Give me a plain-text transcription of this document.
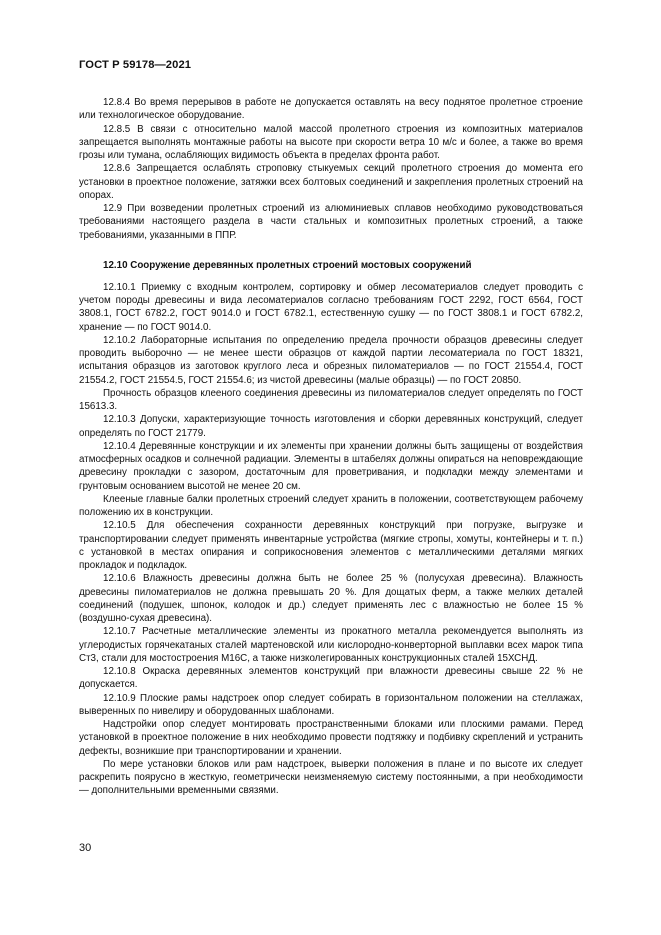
ГОСТ Р 59178—2021

12.8.4 Во время перерывов в работе не допускается оставлять на весу поднятое пролетное строение или технологическое оборудование.

12.8.5 В связи с относительно малой массой пролетного строения из композитных материалов запрещается выполнять монтажные работы на высоте при скорости ветра 10 м/с и более, а также во время грозы или тумана, ослабляющих видимость объекта в пределах фронта работ.

12.8.6 Запрещается ослаблять строповку стыкуемых секций пролетного строения до момента его установки в проектное положение, затяжки всех болтовых соединений и закрепления пролетных строений на опорах.

12.9 При возведении пролетных строений из алюминиевых сплавов необходимо руководствоваться требованиями настоящего раздела в части стальных и композитных пролетных строений, а также требованиями, указанными в ППР.

12.10 Сооружение деревянных пролетных строений мостовых сооружений

12.10.1 Приемку с входным контролем, сортировку и обмер лесоматериалов следует проводить с учетом породы древесины и вида лесоматериалов согласно требованиям ГОСТ 2292, ГОСТ 6564, ГОСТ 3808.1, ГОСТ 6782.2, ГОСТ 9014.0 и ГОСТ 6782.1, естественную сушку — по ГОСТ 3808.1 и ГОСТ 6782.2, хранение — по ГОСТ 9014.0.

12.10.2 Лабораторные испытания по определению предела прочности образцов древесины следует проводить выборочно — не менее шести образцов от каждой партии лесоматериала по ГОСТ 18321, испытания образцов из заготовок круглого леса и обрезных пиломатериалов — по ГОСТ 21554.4, ГОСТ 21554.2, ГОСТ 21554.5, ГОСТ 21554.6; из чистой древесины (малые образцы) — по ГОСТ 20850.

Прочность образцов клееного соединения древесины из пиломатериалов следует определять по ГОСТ 15613.3.

12.10.3 Допуски, характеризующие точность изготовления и сборки деревянных конструкций, следует определять по ГОСТ 21779.

12.10.4 Деревянные конструкции и их элементы при хранении должны быть защищены от воздействия атмосферных осадков и солнечной радиации. Элементы в штабелях должны опираться на неповреждающие древесину прокладки с зазором, достаточным для проветривания, и подкладки между элементами и грунтовым основанием высотой не менее 20 см.

Клееные главные балки пролетных строений следует хранить в положении, соответствующем рабочему положению их в конструкции.

12.10.5 Для обеспечения сохранности деревянных конструкций при погрузке, выгрузке и транспортировании следует применять инвентарные устройства (мягкие стропы, хомуты, контейнеры и т. п.) с установкой в местах опирания и соприкосновения элементов с металлическими деталями мягких прокладок и подкладок.

12.10.6 Влажность древесины должна быть не более 25 % (полусухая древесина). Влажность древесины пиломатериалов не должна превышать 20 %. Для дощатых ферм, а также мелких деталей соединений (подушек, шпонок, колодок и др.) следует применять лес с влажностью не более 15 % (воздушно-сухая древесина).

12.10.7 Расчетные металлические элементы из прокатного металла рекомендуется выполнять из углеродистых горячекатаных сталей мартеновской или кислородно-конверторной выплавки всех марок типа Ст3, стали для мостостроения М16С, а также низколегированных конструкционных сталей 15ХСНД.

12.10.8 Окраска деревянных элементов конструкций при влажности древесины свыше 22 % не допускается.

12.10.9 Плоские рамы надстроек опор следует собирать в горизонтальном положении на стеллажах, выверенных по нивелиру и оборудованных шаблонами.

Надстройки опор следует монтировать пространственными блоками или плоскими рамами. Перед установкой в проектное положение в них необходимо провести подтяжку и подбивку скреплений и устранить дефекты, возникшие при транспортировании и хранении.

По мере установки блоков или рам надстроек, выверки положения в плане и по высоте их следует раскрепить поярусно в жесткую, геометрически неизменяемую систему постоянными, а при необходимости — дополнительными временными связями.

30
